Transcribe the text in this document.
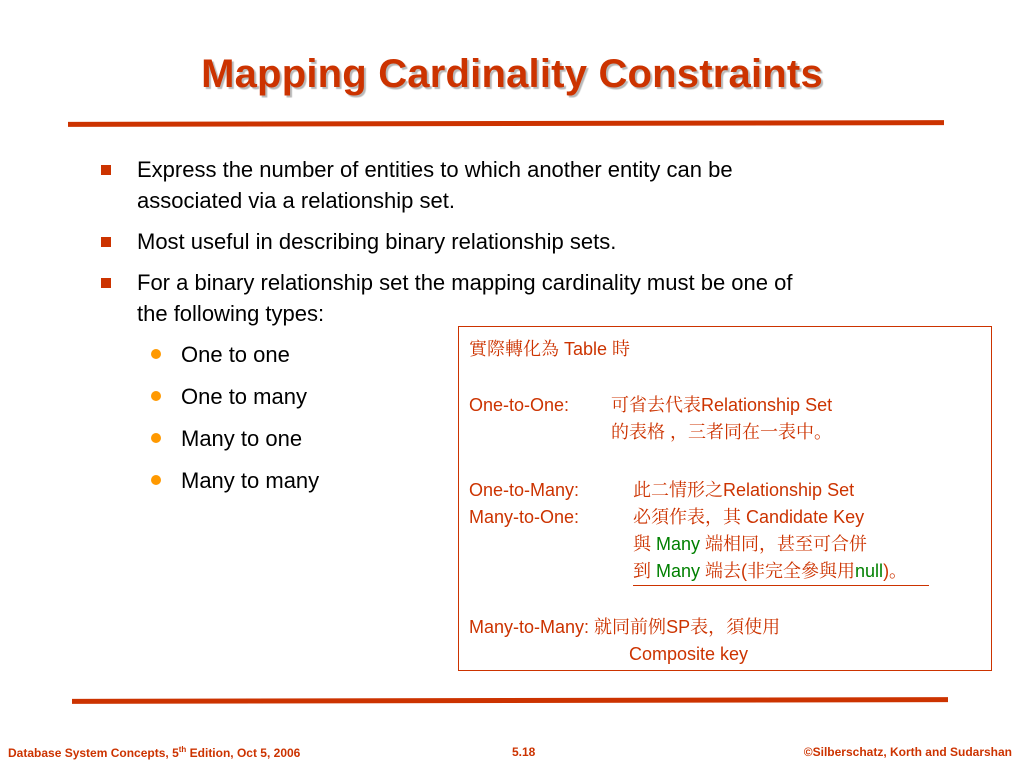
Mapping Cardinality Constraints
Express the number of entities to which another entity can be
associated via a relationship set.
Most useful in describing binary relationship sets.
For a binary relationship set the mapping cardinality must be one of
the following types:
One to one
One to many
Many to one
Many to many
實際轉化為 Table 時
One-to-One: 可省去代表Relationship Set
的表格 ，三者同在一表中。
One-to-Many:	此二情形之Relationship Set
Many-to-One:	必須作表，其 Candidate Key
與 Many 端相同，甚至可合併
到 Many 端去(非完全參與用null)。
Many-to-Many: 就同前例SP表，須使用
Composite key
Database System Concepts, 5th Edition, Oct 5, 2006	5.18	©Silberschatz, Korth and Sudarshan
